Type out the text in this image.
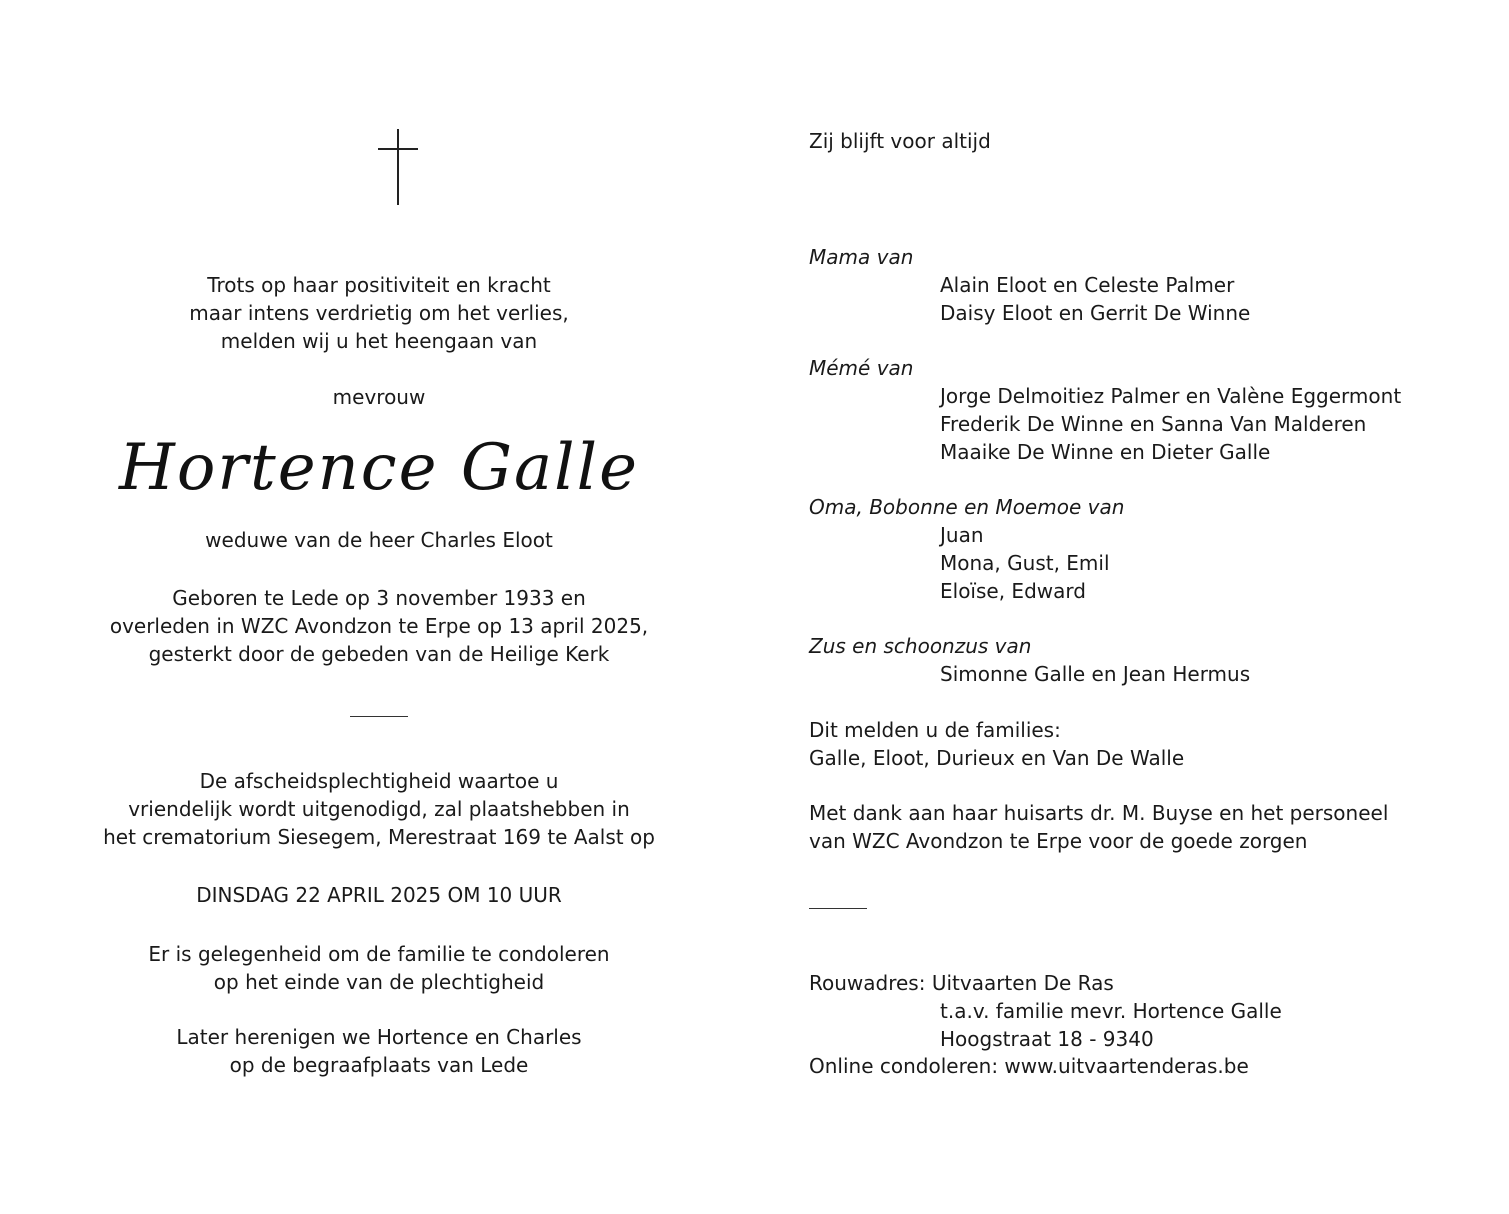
Trots op haar positiviteit en kracht
maar intens verdrietig om het verlies,
melden wij u het heengaan van
mevrouw
Hortence Galle
weduwe van de heer Charles Eloot
Geboren te Lede op 3 november 1933 en
overleden in WZC Avondzon te Erpe op 13 april 2025,
gesterkt door de gebeden van de Heilige Kerk
De afscheidsplechtigheid waartoe u
vriendelijk wordt uitgenodigd, zal plaatshebben in
het crematorium Siesegem, Merestraat 169 te Aalst op
DINSDAG 22 APRIL 2025 OM 10 UUR
Er is gelegenheid om de familie te condoleren
op het einde van de plechtigheid
Later herenigen we Hortence en Charles
op de begraafplaats van Lede
Zij blijft voor altijd
Mama van
Alain Eloot en Celeste Palmer
Daisy Eloot en Gerrit De Winne
Mémé van
Jorge Delmoitiez Palmer en Valène Eggermont
Frederik De Winne en Sanna Van Malderen
Maaike De Winne en Dieter Galle
Oma, Bobonne en Moemoe van
Juan
Mona, Gust, Emil
Eloïse, Edward
Zus en schoonzus van
Simonne Galle en Jean Hermus
Dit melden u de families:
Galle, Eloot, Durieux en Van De Walle
Met dank aan haar huisarts dr. M. Buyse en het personeel
van WZC Avondzon te Erpe voor de goede zorgen
Rouwadres: Uitvaarten De Ras
t.a.v. familie mevr. Hortence Galle
Hoogstraat 18 - 9340
Online condoleren: www.uitvaartenderas.be
